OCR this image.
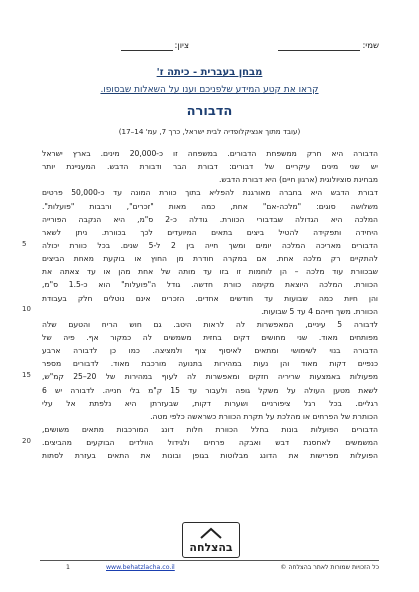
שמי:
ציון:
מבחן בעברית - כיתה ז'
קראו את קטע המידע שלפניכם וענו על השאלות שבסופו.
הדבורה
(עובד מתוך אנציקלופדיה לבית ישראל, כרך 7, עמ' 14–17)
הדבורה היא חרק ממשפחת הדבורים. במשפחה זו כ-20,000 מינים. בארץ ישראל
יש שני מינים עיקריים של דבורים: דבורת הבר ודבורת הדבש. המעניינת יותר
מבחינת סוציולוגית (ארגון חיים) היא דבורת הדבש.
דבורת הדבש היא בחברה מאורגנת להפליא בתוך כוורת המונה עד כ-50,000 פרטים
משלושה סוגים: "מלכה-אם" אחת, כמה מאות "זכרים", ורבבות "פועלות".
המלכה היא הגדולה שבדבורי הכוורת. גודלה כ-2 ס"מ, היא הנקבה הפורייה
היחידה ותפקידה להטיל ביצים בתאים המיועדים לכך בכוורת. ניתן לשאר
הדבורים מאריכה המלכה יומים ומשך חייה בין 2 ל-5 שנים. בכל כוורת יכולה
להתקיים רק מלכה אחת. אם במקרה חודרת מן החוץ או בוקעת מאחת הביצים
שבכוורת עוד מלכה – הן לוחמות זו בזו עד מותה של אחת מהן או עד צאתה את
הכוורת. המלכה היוצאת מקימה כוורת חדשה. גודל ה"פועלות" הוא כ-1.5 ס"מ,
והן חיות כמה שבועות עד חודשים אחדים. הזכרים אינם נוטלים חלק בעבודת
הכוורת. משך חייהם 4 עד 5 שבועות.
לדבורה 5 עיניים, המאפשרות לה לראות היטב. גם חוש הריח והטעם שלה
מפותחים מאוד. שני מחושים דקים בחזית משמשים לה כמקור אף. פיה של
הדבורה בנוי לשימושי ומתאים לאיסוף צוף ולמציצה. כמו כן לדבורה ארבע
כנפיים דקות מאוד והן נעות במהירות בתנועה מורכבת מאוד. לדבורים מספר
מפעולות באמצעות שריריה חזקים ומאפשרות לה לעוף במהירות של 20–25 קמ"ש,
לשאת מטען העולה על משקל גופה ולעבור עד 15 ק"מ בלי חנייה. לדבורה יש 6
רגליים. בכל רגל ציפורניים ושערות דקות, שבעזרתן היא נלפתת אל עלי
הכותרת של הפרחים או מהלכת על תקרת הכוורת כשראשה כלפי מטה.
הדבורים הפועלות בונות בחלל הכוורת חלות דונג המורכבות מתאים משושים,
המשמשים לאחסנת דבש ואבקה פרחים ולגידול הוולדים הבוקעים מהביצים.
הפועלות מפרישות את הדונג מבלוטות בגופן ובונות את התאים בעזרת לסתות
5
10
15
20
בהצלחה
כל הזכויות שמורות לאתר בהצלחה ©
www.behatzlacha.co.il
1
